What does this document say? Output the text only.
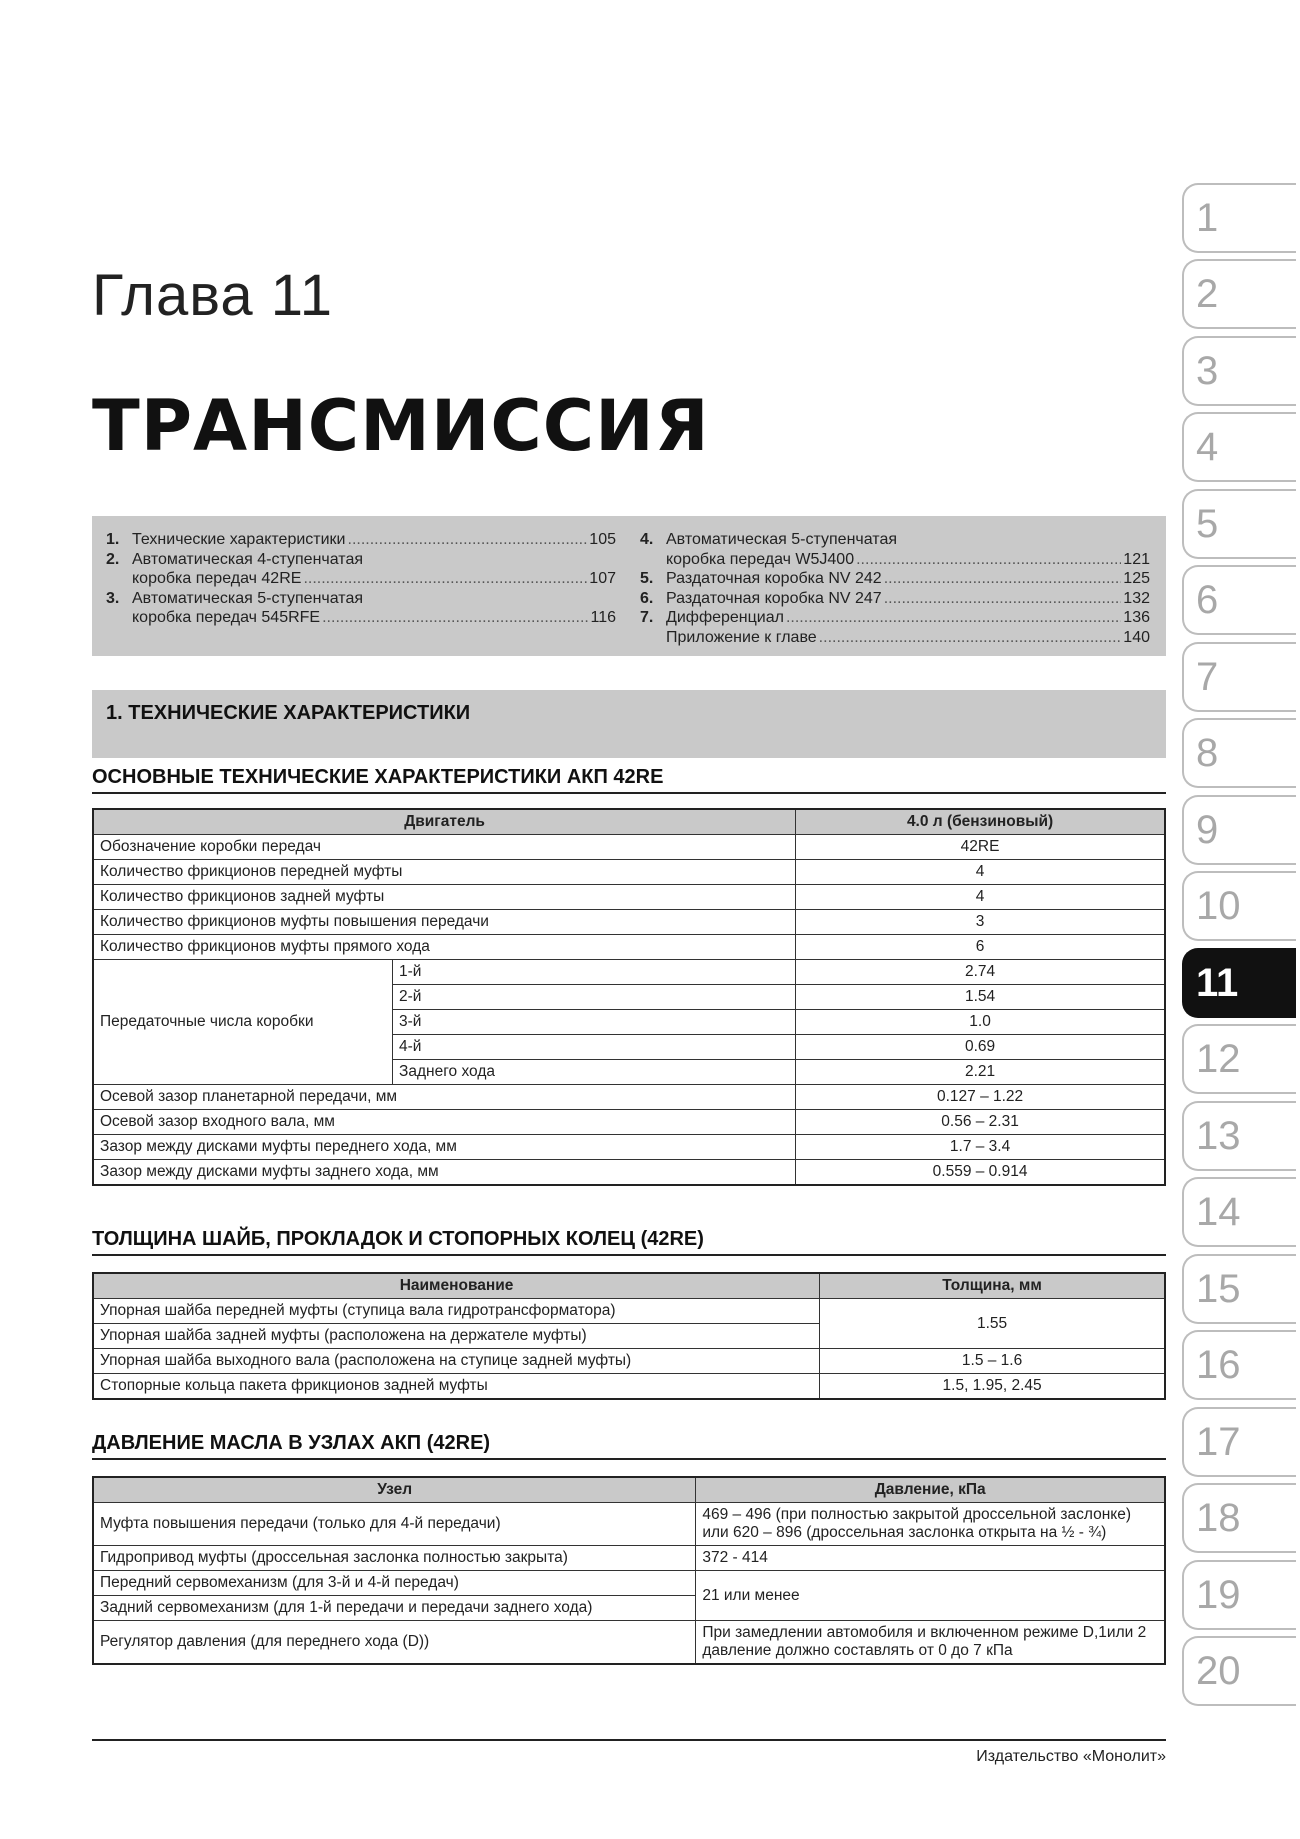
Глава 11
ТРАНСМИССИЯ
1. Технические характеристики .....	105
2. Автоматическая 4-ступенчатая
коробка передач 42RE .....	107
3. Автоматическая 5-ступенчатая
коробка передач 545RFE .....	116
4. Автоматическая 5-ступенчатая
коробка передач W5J400 .....	121
5. Раздаточная коробка NV 242 .....	125
6. Раздаточная коробка NV 247 .....	132
7. Дифференциал .....	136
Приложение к главе .....	140
1. ТЕХНИЧЕСКИЕ ХАРАКТЕРИСТИКИ
ОСНОВНЫЕ ТЕХНИЧЕСКИЕ ХАРАКТЕРИСТИКИ АКП 42RE
Двигатель		4.0 л (бензиновый)
Обозначение коробки передач		42RE
Количество фрикционов передней муфты		4
Количество фрикционов задней муфты		4
Количество фрикционов муфты повышения передачи		3
Количество фрикционов муфты прямого хода		6
Передаточные числа коробки	1-й	2.74
	2-й	1.54
	3-й	1.0
	4-й	0.69
	Заднего хода	2.21
Осевой зазор планетарной передачи, мм		0.127 – 1.22
Осевой зазор входного вала, мм		0.56 – 2.31
Зазор между дисками муфты переднего хода, мм		1.7 – 3.4
Зазор между дисками муфты заднего хода, мм		0.559 – 0.914
ТОЛЩИНА ШАЙБ, ПРОКЛАДОК И СТОПОРНЫХ КОЛЕЦ (42RE)
Наименование	Толщина, мм
Упорная шайба передней муфты (ступица вала гидротрансформатора)	1.55
Упорная шайба задней муфты (расположена на держателе муфты)	
Упорная шайба выходного вала (расположена на ступице задней муфты)	1.5 – 1.6
Стопорные кольца пакета фрикционов задней муфты	1.5, 1.95, 2.45
ДАВЛЕНИЕ МАСЛА В УЗЛАХ АКП (42RE)
Узел	Давление, кПа
Муфта повышения передачи (только для 4-й передачи)	469 – 496 (при полностью закрытой дроссельной заслонке) или 620 – 896 (дроссельная заслонка открыта на ½ - ¾)
Гидропривод муфты (дроссельная заслонка полностью закрыта)	372 - 414
Передний сервомеханизм (для 3-й и 4-й передач)	21 или менее
Задний сервомеханизм (для 1-й передачи и передачи заднего хода)	
Регулятор давления (для переднего хода (D))	При замедлении автомобиля и включенном режиме D,1или 2 давление должно составлять от 0 до 7 кПа
1
2
3
4
5
6
7
8
9
10
11
12
13
14
15
16
17
18
19
20
Издательство «Монолит»
